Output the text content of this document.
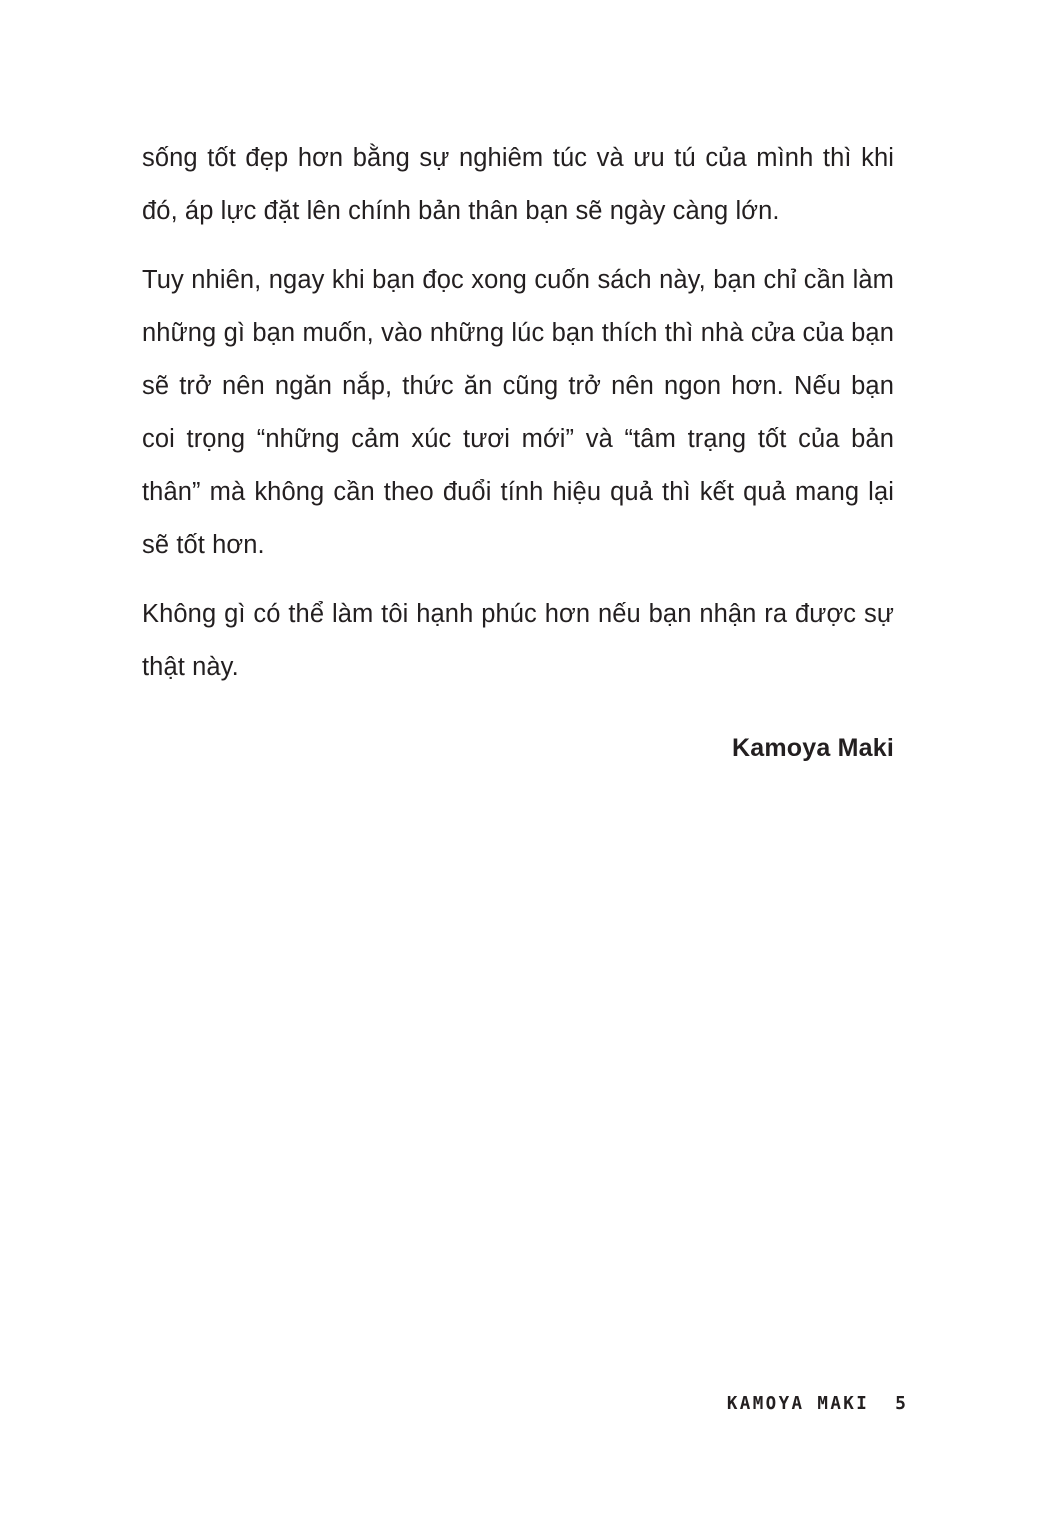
sống tốt đẹp hơn bằng sự nghiêm túc và ưu tú của mình thì khi đó, áp lực đặt lên chính bản thân bạn sẽ ngày càng lớn.

Tuy nhiên, ngay khi bạn đọc xong cuốn sách này, bạn chỉ cần làm những gì bạn muốn, vào những lúc bạn thích thì nhà cửa của bạn sẽ trở nên ngăn nắp, thức ăn cũng trở nên ngon hơn. Nếu bạn coi trọng “những cảm xúc tươi mới” và “tâm trạng tốt của bản thân” mà không cần theo đuổi tính hiệu quả thì kết quả mang lại sẽ tốt hơn.

Không gì có thể làm tôi hạnh phúc hơn nếu bạn nhận ra được sự thật này.

Kamoya Maki
KAMOYA MAKI 5
